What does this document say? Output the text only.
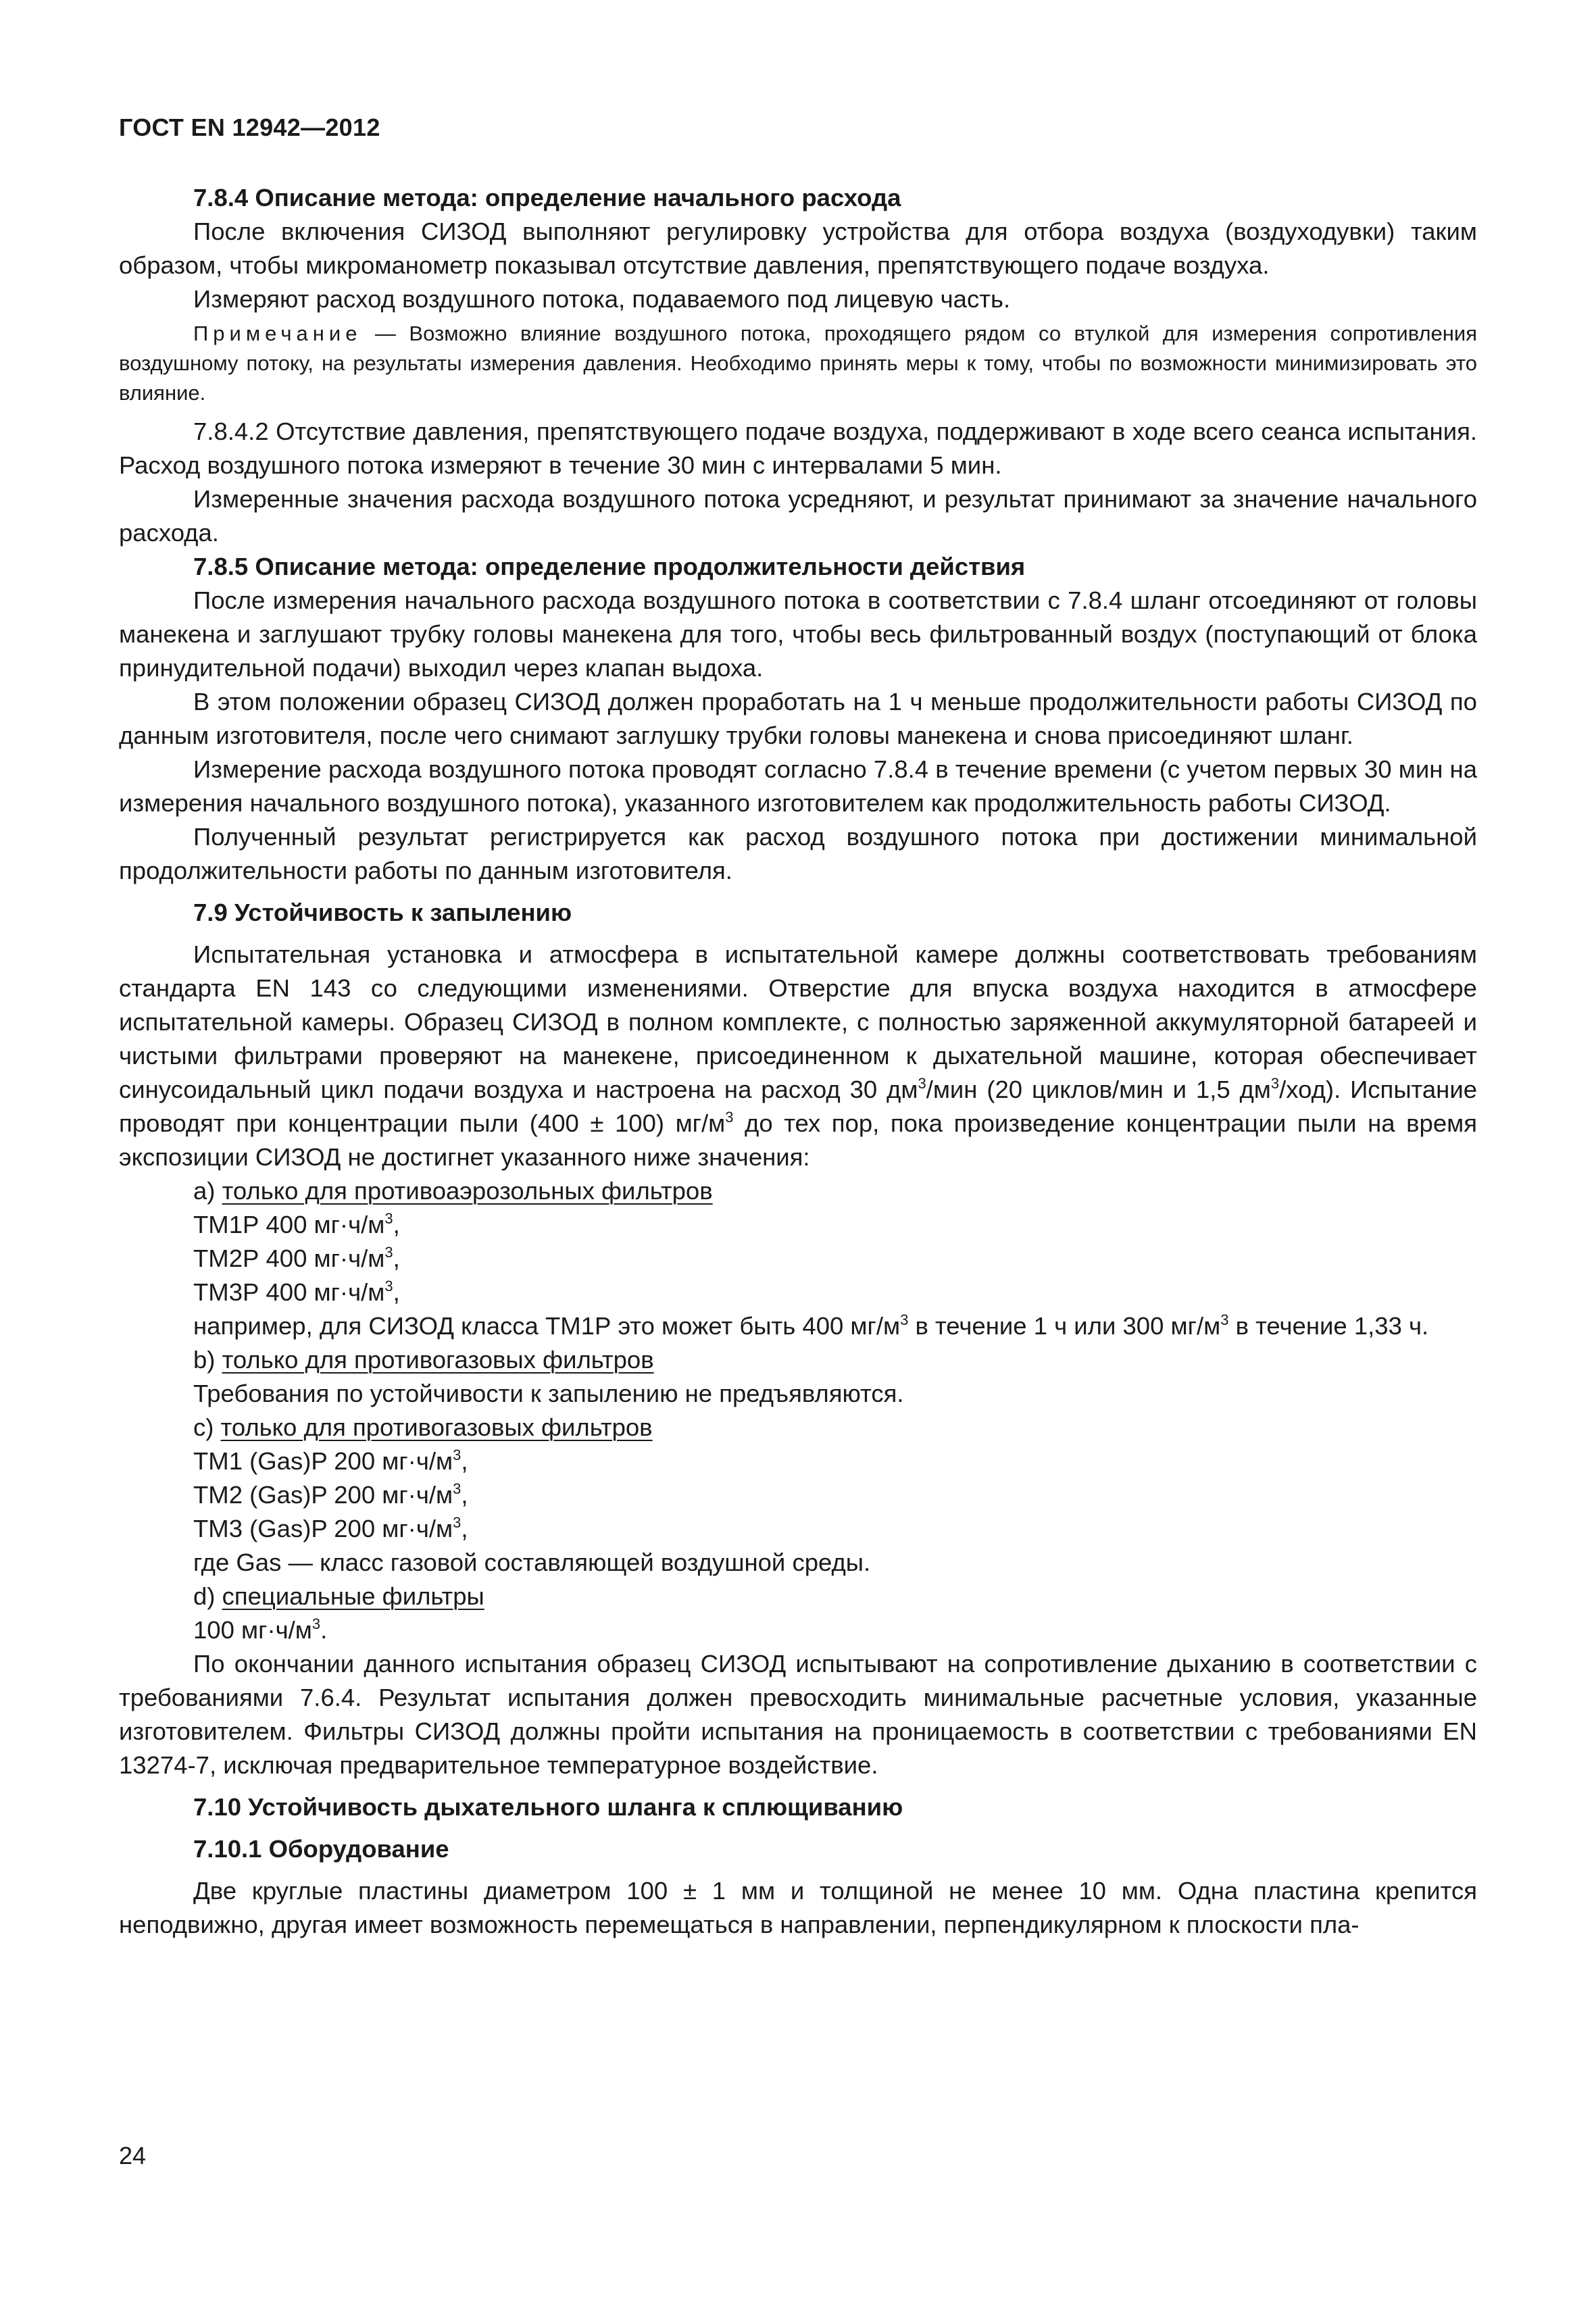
ГОСТ EN 12942—2012

7.8.4 Описание метода: определение начального расхода

После включения СИЗОД выполняют регулировку устройства для отбора воздуха (воздуходувки) таким образом, чтобы микроманометр показывал отсутствие давления, препятствующего подаче воздуха.

Измеряют расход воздушного потока, подаваемого под лицевую часть.

Примечание — Возможно влияние воздушного потока, проходящего рядом со втулкой для измерения сопротивления воздушному потоку, на результаты измерения давления. Необходимо принять меры к тому, чтобы по возможности минимизировать это влияние.

7.8.4.2 Отсутствие давления, препятствующего подаче воздуха, поддерживают в ходе всего сеанса испытания. Расход воздушного потока измеряют в течение 30 мин с интервалами 5 мин.

Измеренные значения расхода воздушного потока усредняют, и результат принимают за значение начального расхода.

7.8.5 Описание метода: определение продолжительности действия

После измерения начального расхода воздушного потока в соответствии с 7.8.4 шланг отсоединяют от головы манекена и заглушают трубку головы манекена для того, чтобы весь фильтрованный воздух (поступающий от блока принудительной подачи) выходил через клапан выдоха.

В этом положении образец СИЗОД должен проработать на 1 ч меньше продолжительности работы СИЗОД по данным изготовителя, после чего снимают заглушку трубки головы манекена и снова присоединяют шланг.

Измерение расхода воздушного потока проводят согласно 7.8.4 в течение времени (с учетом первых 30 мин на измерения начального воздушного потока), указанного изготовителем как продолжительность работы СИЗОД.

Полученный результат регистрируется как расход воздушного потока при достижении минимальной продолжительности работы по данным изготовителя.

7.9 Устойчивость к запылению

Испытательная установка и атмосфера в испытательной камере должны соответствовать требованиям стандарта EN 143 со следующими изменениями. Отверстие для впуска воздуха находится в атмосфере испытательной камеры. Образец СИЗОД в полном комплекте, с полностью заряженной аккумуляторной батареей и чистыми фильтрами проверяют на манекене, присоединенном к дыхательной машине, которая обеспечивает синусоидальный цикл подачи воздуха и настроена на расход 30 $дм^3$/мин (20 циклов/мин и 1,5 $дм^3/ход$). Испытание проводят при концентрации пыли (400 ± 100) $мг/м^3$ до тех пор, пока произведение концентрации пыли на время экспозиции СИЗОД не достигнет указанного ниже значения:

a) только для противоаэрозольных фильтров

ТМ1Р 400 $мг\cdot ч/м^3$,

ТМ2Р 400 $мг\cdot ч/м^3$,

ТМ3Р 400 $мг\cdot ч/м^3$,

например, для СИЗОД класса ТМ1Р это может быть 400 $мг/м^3$ в течение 1 ч или 300 $мг/м^3$ в течение 1,33 ч.

b) только для противогазовых фильтров

Требования по устойчивости к запылению не предъявляются.

c) только для противогазовых фильтров

ТМ1 (Gas)P 200 $мг\cdot ч/м^3$,

ТМ2 (Gas)P 200 $мг\cdot ч/м^3$,

ТМ3 (Gas)P 200 $мг\cdot ч/м^3$,

где Gas — класс газовой составляющей воздушной среды.

d) специальные фильтры

100 $мг\cdot ч/м^3$.

По окончании данного испытания образец СИЗОД испытывают на сопротивление дыханию в соответствии с требованиями 7.6.4. Результат испытания должен превосходить минимальные расчетные условия, указанные изготовителем. Фильтры СИЗОД должны пройти испытания на проницаемость в соответствии с требованиями EN 13274-7, исключая предварительное температурное воздействие.

7.10 Устойчивость дыхательного шланга к сплющиванию

7.10.1 Оборудование

Две круглые пластины диаметром 100 ± 1 мм и толщиной не менее 10 мм. Одна пластина крепится неподвижно, другая имеет возможность перемещаться в направлении, перпендикулярном к плоскости пла-

24
